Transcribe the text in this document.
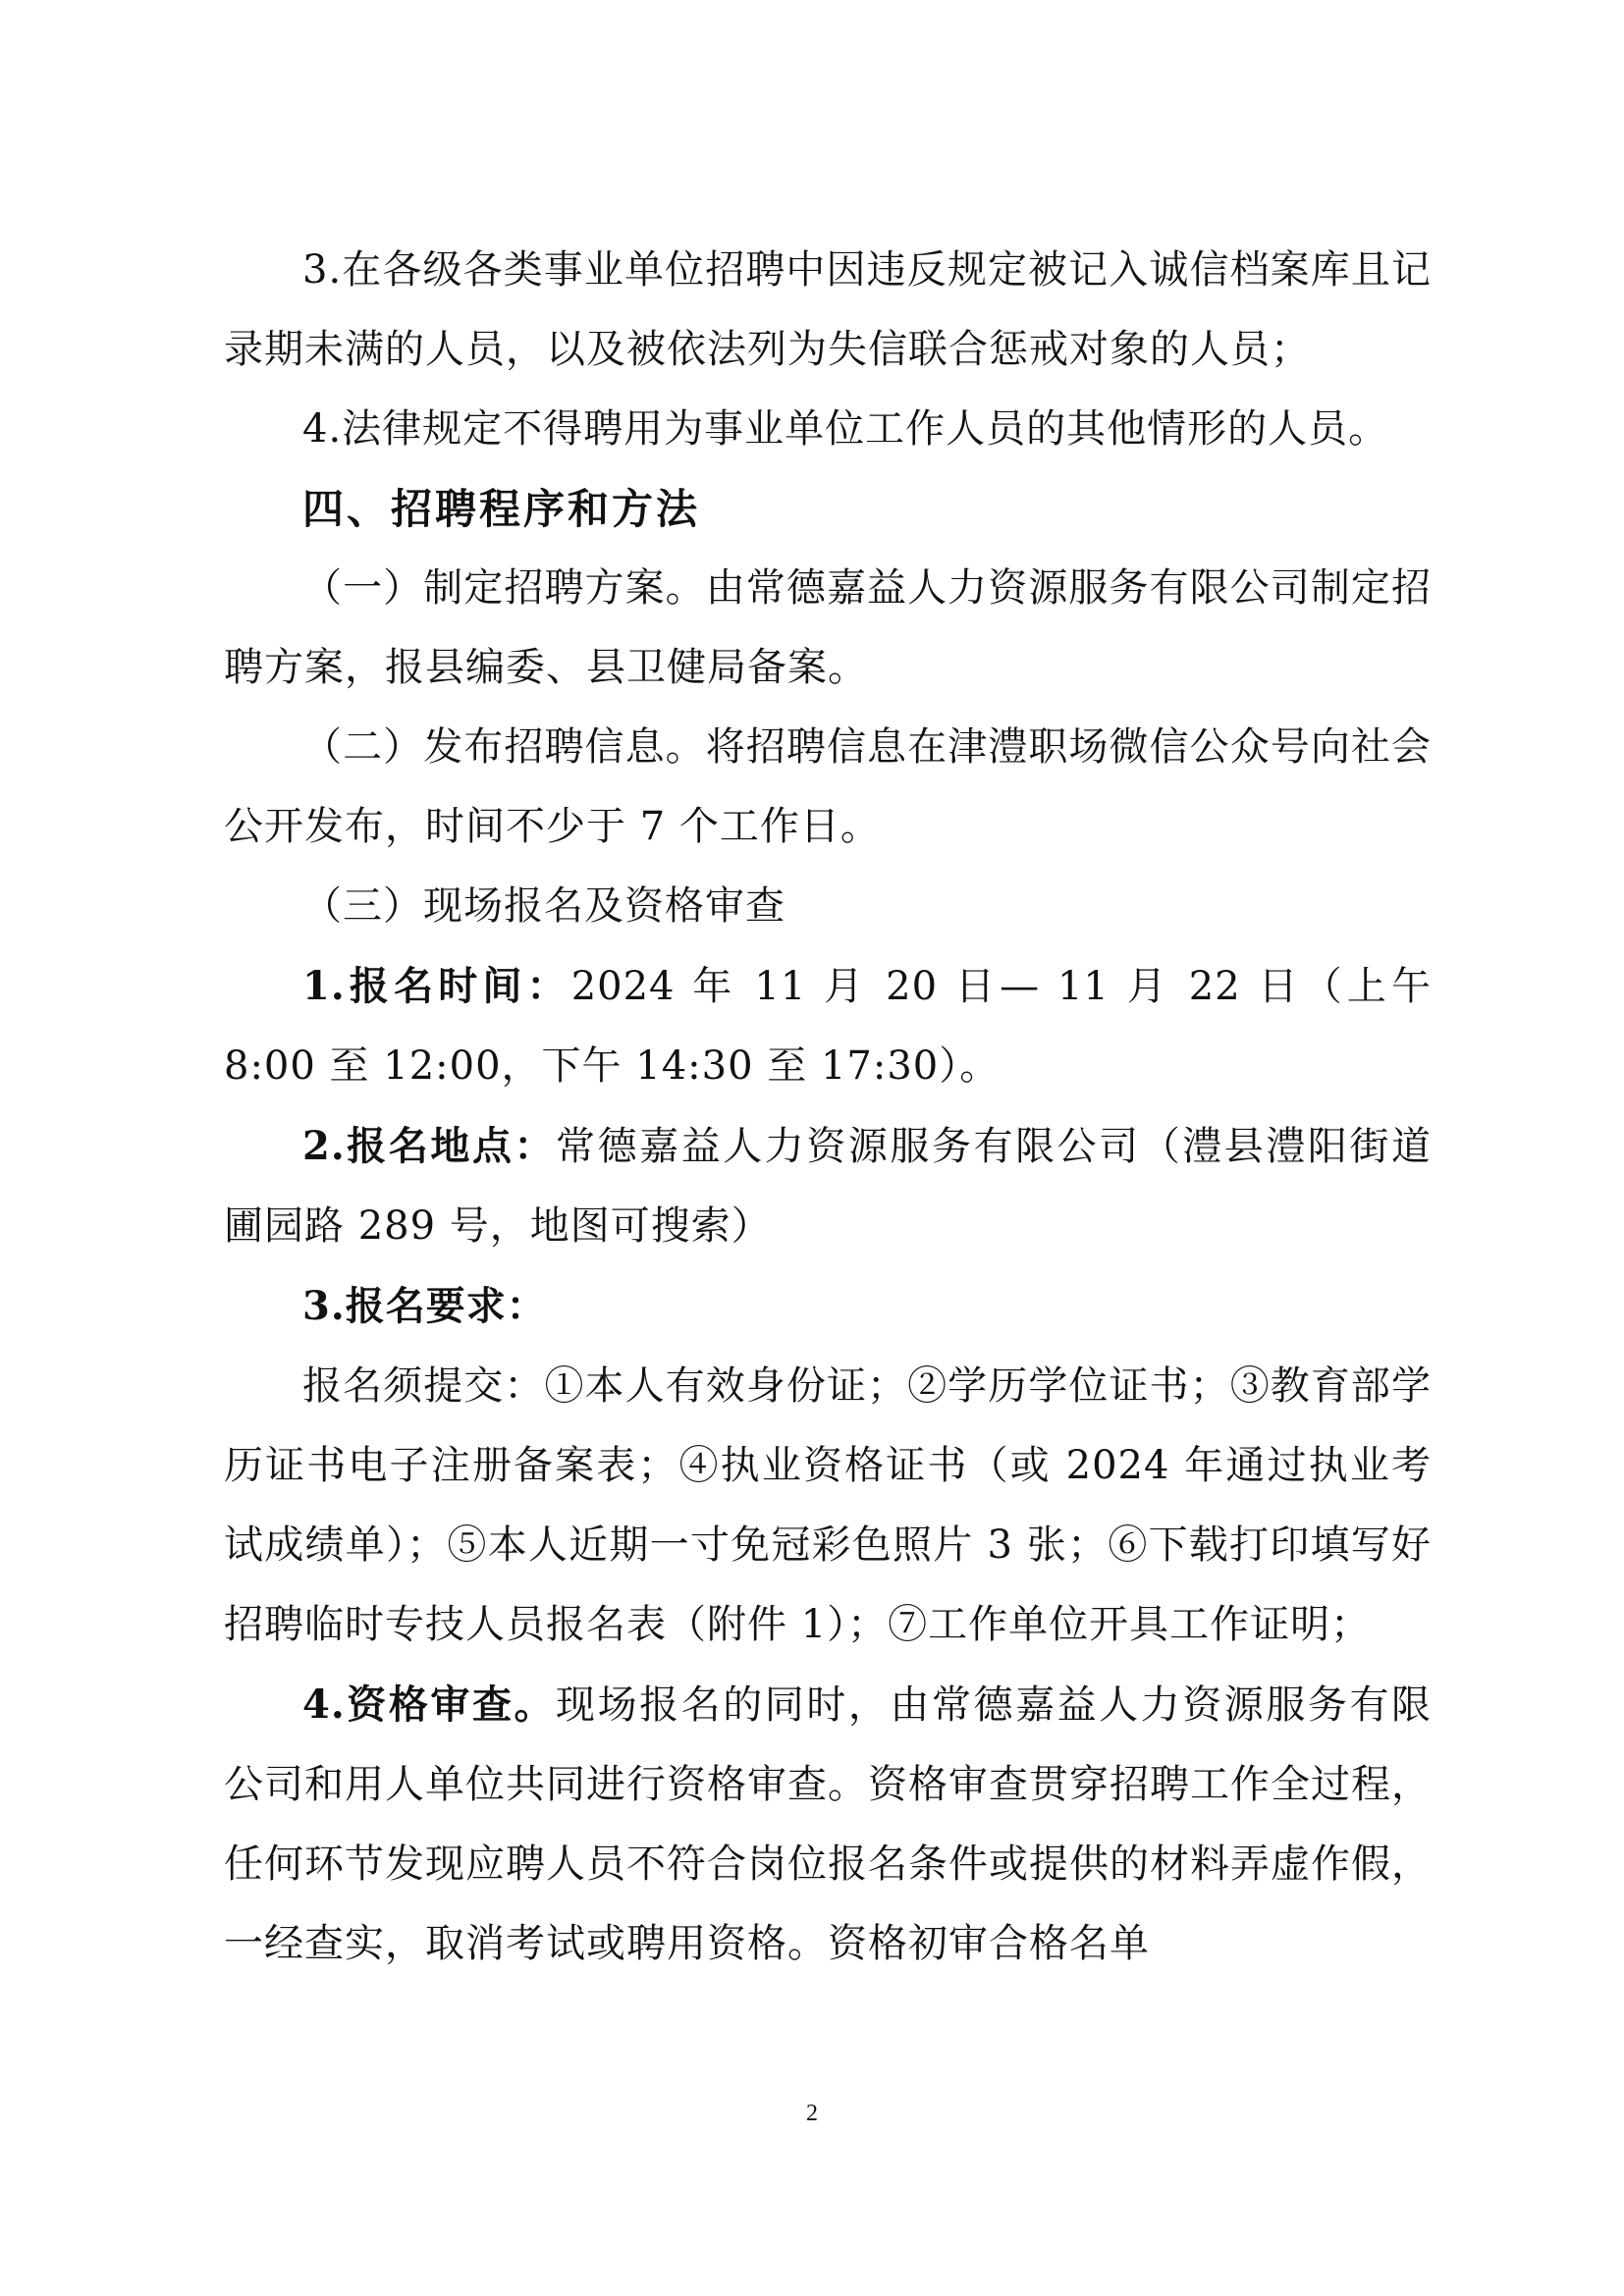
3.在各级各类事业单位招聘中因违反规定被记入诚信档案库且记录期未满的人员，以及被依法列为失信联合惩戒对象的人员；

4.法律规定不得聘用为事业单位工作人员的其他情形的人员。

四、招聘程序和方法

（一）制定招聘方案。由常德嘉益人力资源服务有限公司制定招聘方案，报县编委、县卫健局备案。

（二）发布招聘信息。将招聘信息在津澧职场微信公众号向社会公开发布，时间不少于 7 个工作日。

（三）现场报名及资格审查

1.报名时间：2024 年 11 月 20 日— 11 月 22 日（上午 8:00 至 12:00，下午 14:30 至 17:30）。

2.报名地点：常德嘉益人力资源服务有限公司（澧县澧阳街道圃园路 289 号，地图可搜索）

3.报名要求：

报名须提交：①本人有效身份证；②学历学位证书；③教育部学历证书电子注册备案表；④执业资格证书（或 2024 年通过执业考试成绩单）；⑤本人近期一寸免冠彩色照片 3 张；⑥下载打印填写好招聘临时专技人员报名表（附件 1）；⑦工作单位开具工作证明；

4.资格审查。现场报名的同时，由常德嘉益人力资源服务有限公司和用人单位共同进行资格审查。资格审查贯穿招聘工作全过程，任何环节发现应聘人员不符合岗位报名条件或提供的材料弄虚作假，一经查实，取消考试或聘用资格。资格初审合格名单

2
